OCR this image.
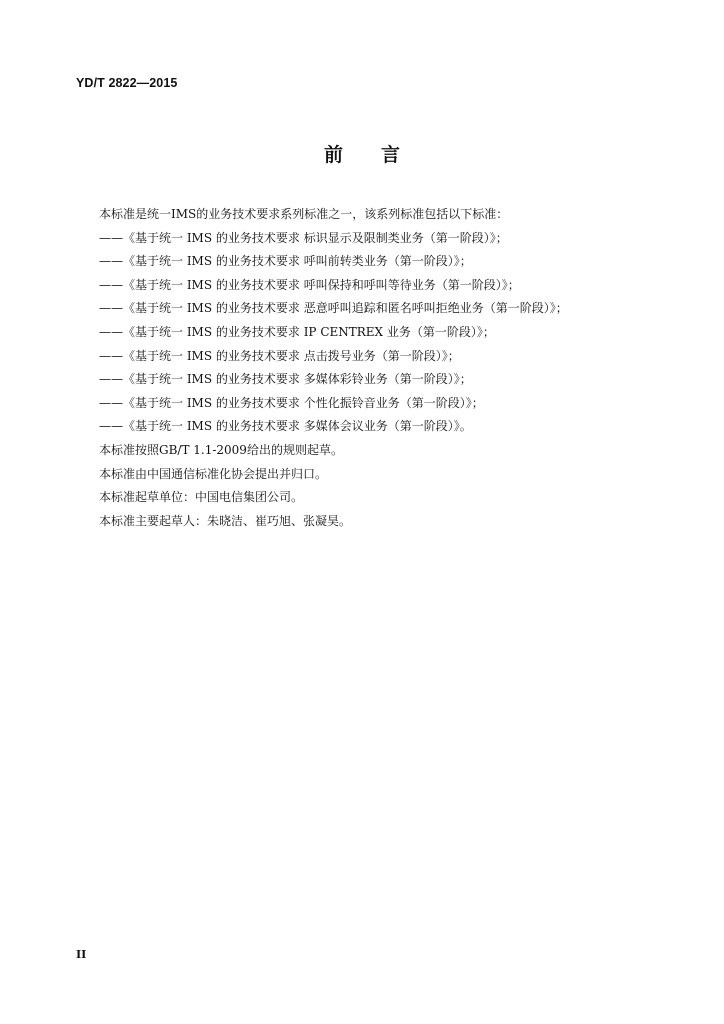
YD/T 2822—2015
前 言
本标准是统一IMS的业务技术要求系列标准之一，该系列标准包括以下标准：
——《基于统一 IMS 的业务技术要求 标识显示及限制类业务（第一阶段）》；
——《基于统一 IMS 的业务技术要求 呼叫前转类业务（第一阶段）》；
——《基于统一 IMS 的业务技术要求 呼叫保持和呼叫等待业务（第一阶段）》；
——《基于统一 IMS 的业务技术要求 恶意呼叫追踪和匿名呼叫拒绝业务（第一阶段）》；
——《基于统一 IMS 的业务技术要求 IP CENTREX 业务（第一阶段）》；
——《基于统一 IMS 的业务技术要求 点击拨号业务（第一阶段）》；
——《基于统一 IMS 的业务技术要求 多媒体彩铃业务（第一阶段）》；
——《基于统一 IMS 的业务技术要求 个性化振铃音业务（第一阶段）》；
——《基于统一 IMS 的业务技术要求 多媒体会议业务（第一阶段）》。
本标准按照GB/T 1.1-2009给出的规则起草。
本标准由中国通信标准化协会提出并归口。
本标准起草单位：中国电信集团公司。
本标准主要起草人：朱晓洁、崔巧旭、张凝昊。
II
